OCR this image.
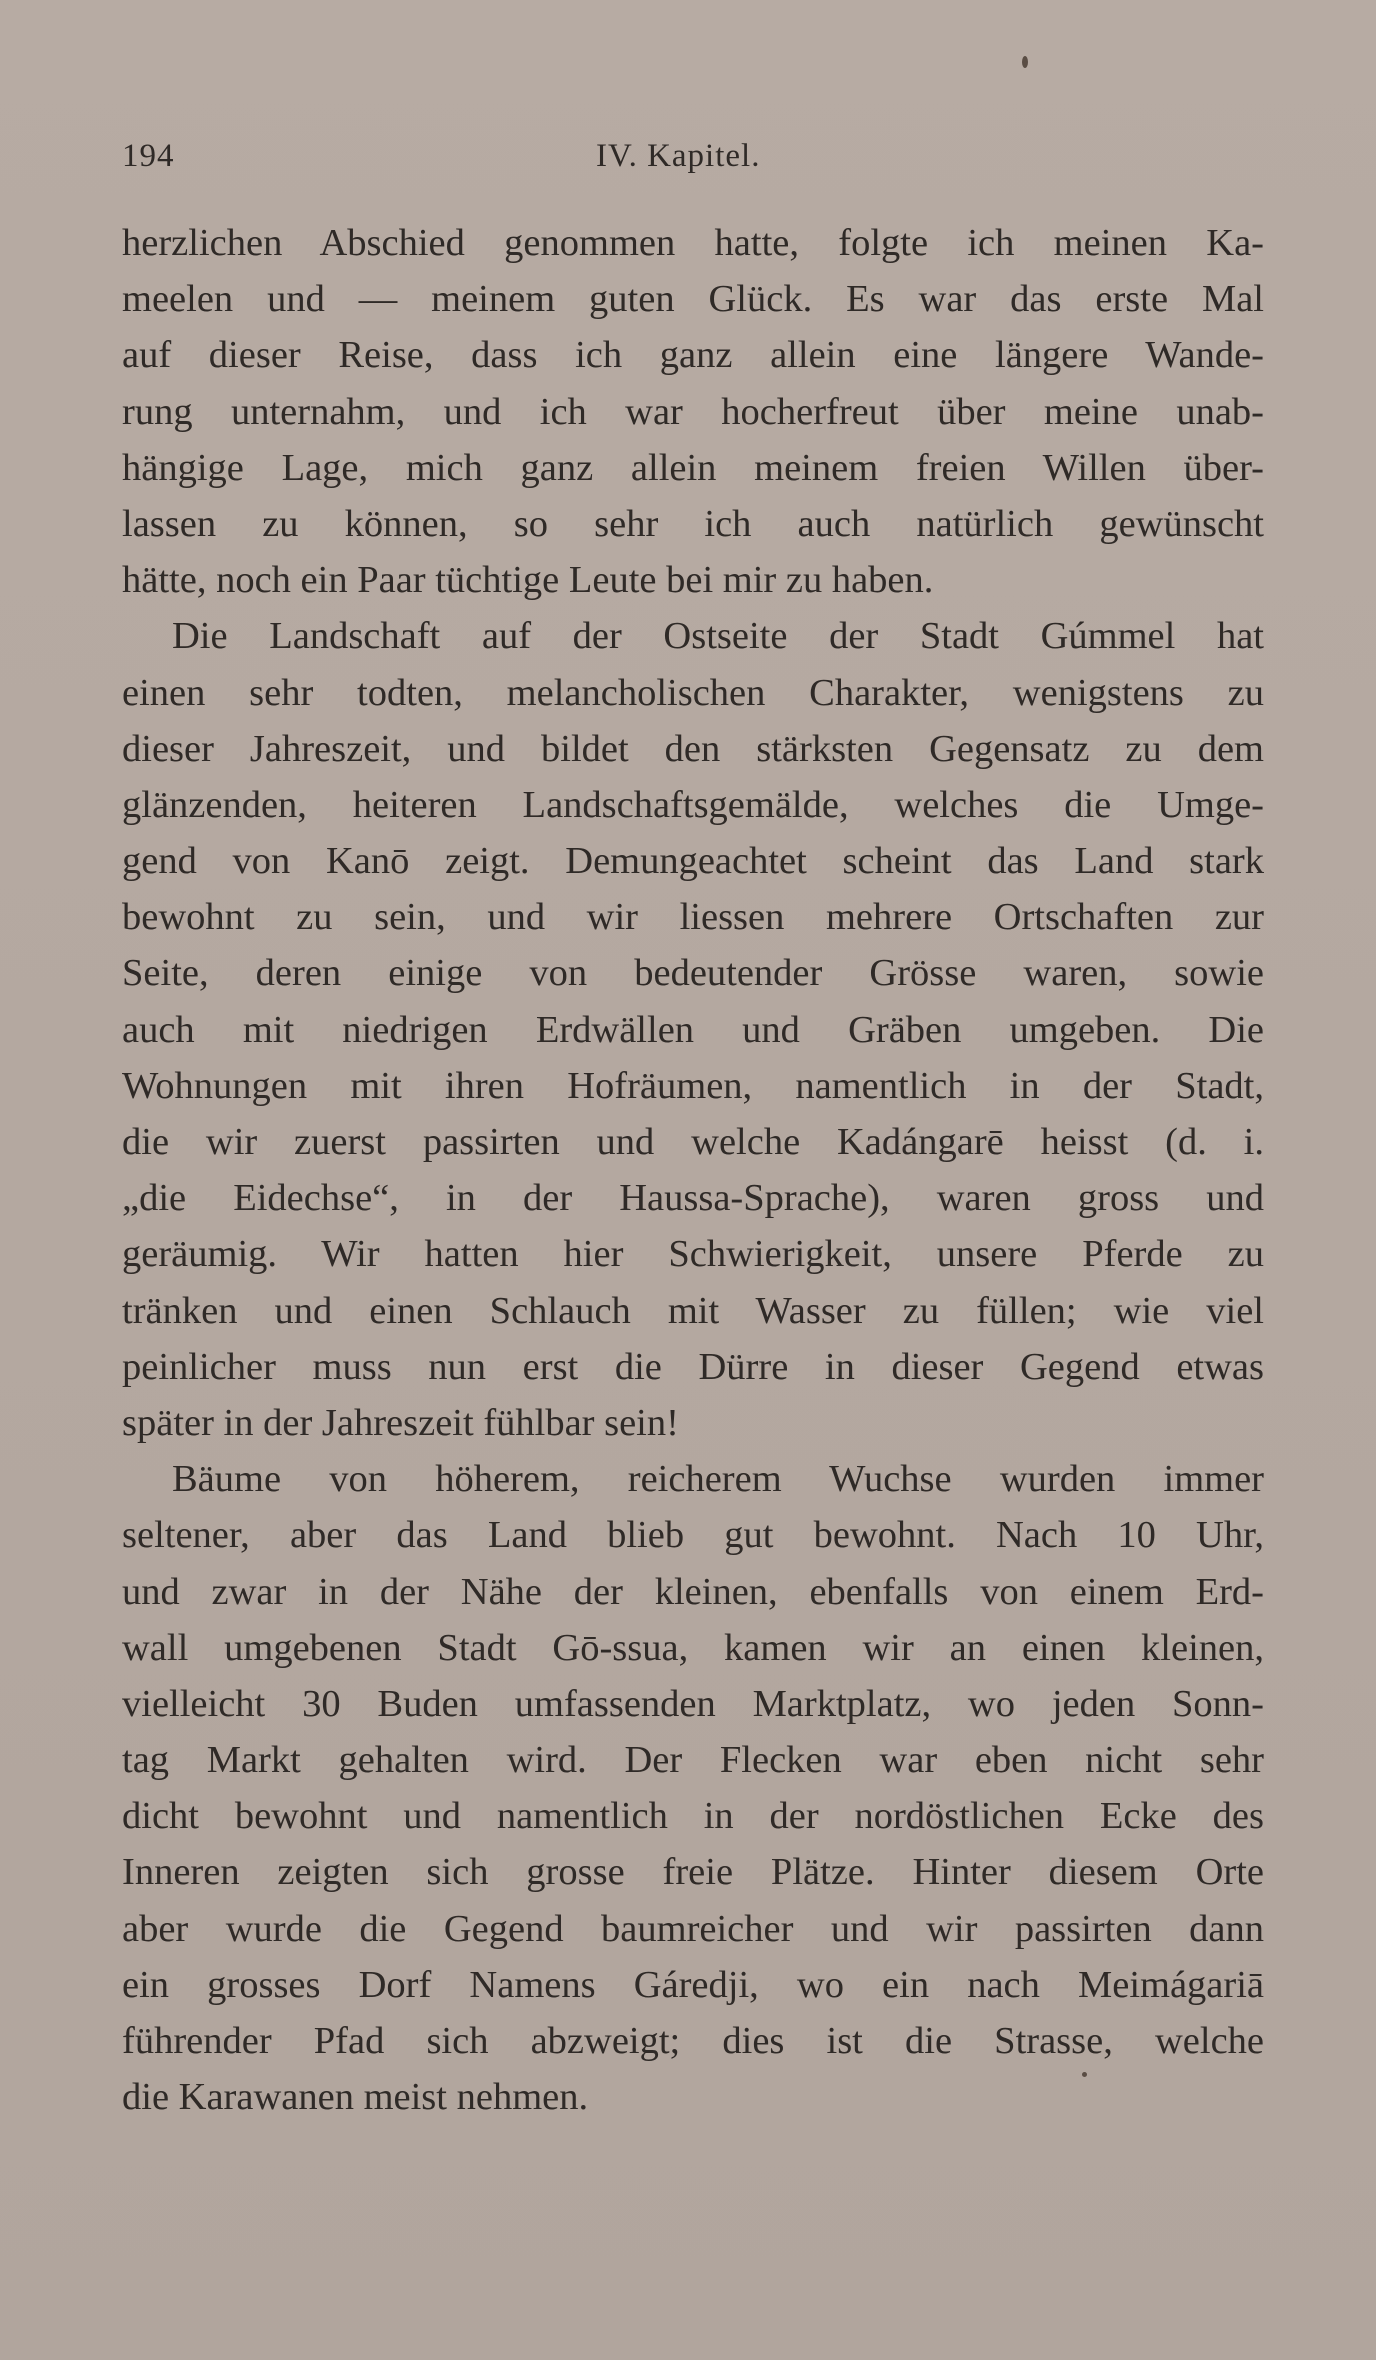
194	IV. Kapitel.
herzlichen Abschied genommen hatte, folgte ich meinen Ka-
meelen und — meinem guten Glück. Es war das erste Mal
auf dieser Reise, dass ich ganz allein eine längere Wande-
rung unternahm, und ich war hocherfreut über meine unab-
hängige Lage, mich ganz allein meinem freien Willen über-
lassen zu können, so sehr ich auch natürlich gewünscht
hätte, noch ein Paar tüchtige Leute bei mir zu haben.
Die Landschaft auf der Ostseite der Stadt Gúmmel hat
einen sehr todten, melancholischen Charakter, wenigstens zu
dieser Jahreszeit, und bildet den stärksten Gegensatz zu dem
glänzenden, heiteren Landschaftsgemälde, welches die Umge-
gend von Kanō zeigt. Demungeachtet scheint das Land stark
bewohnt zu sein, und wir liessen mehrere Ortschaften zur
Seite, deren einige von bedeutender Grösse waren, sowie
auch mit niedrigen Erdwällen und Gräben umgeben. Die
Wohnungen mit ihren Hofräumen, namentlich in der Stadt,
die wir zuerst passirten und welche Kadángarē heisst (d. i.
„die Eidechse“, in der Haussa-Sprache), waren gross und
geräumig. Wir hatten hier Schwierigkeit, unsere Pferde zu
tränken und einen Schlauch mit Wasser zu füllen; wie viel
peinlicher muss nun erst die Dürre in dieser Gegend etwas
später in der Jahreszeit fühlbar sein!
Bäume von höherem, reicherem Wuchse wurden immer
seltener, aber das Land blieb gut bewohnt. Nach 10 Uhr,
und zwar in der Nähe der kleinen, ebenfalls von einem Erd-
wall umgebenen Stadt Gō-ssua, kamen wir an einen kleinen,
vielleicht 30 Buden umfassenden Marktplatz, wo jeden Sonn-
tag Markt gehalten wird. Der Flecken war eben nicht sehr
dicht bewohnt und namentlich in der nordöstlichen Ecke des
Inneren zeigten sich grosse freie Plätze. Hinter diesem Orte
aber wurde die Gegend baumreicher und wir passirten dann
ein grosses Dorf Namens Gáredji, wo ein nach Meimágariā
führender Pfad sich abzweigt; dies ist die Strasse, welche
die Karawanen meist nehmen.
